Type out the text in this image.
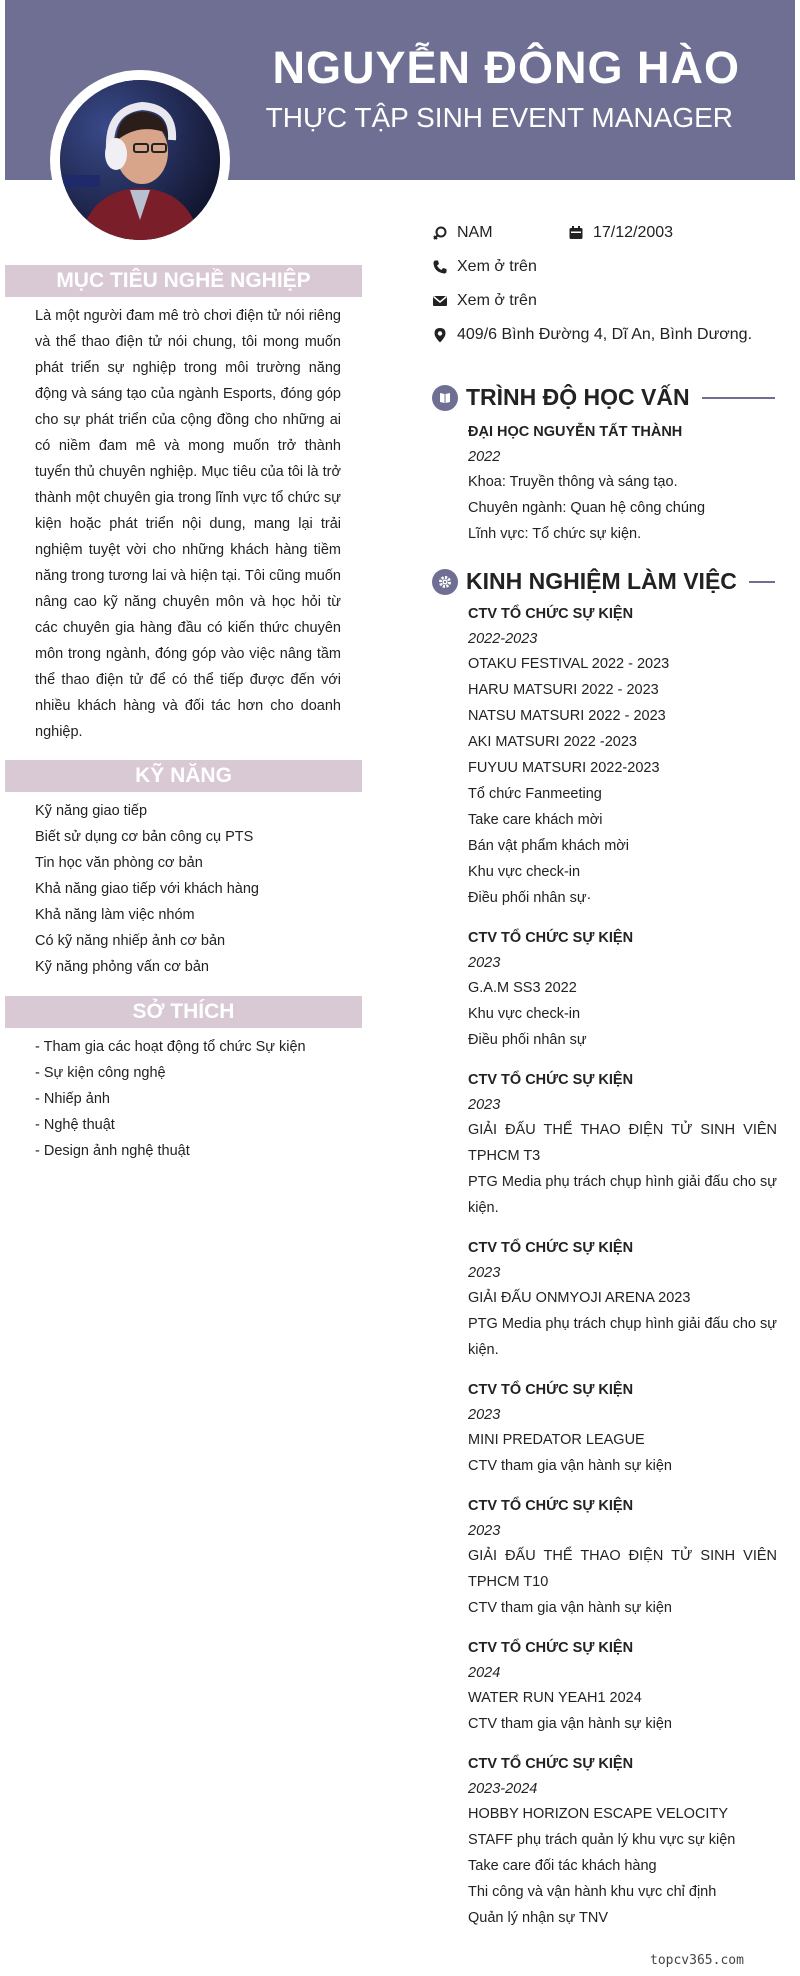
NGUYỄN ĐÔNG HÀO
THỰC TẬP SINH EVENT MANAGER
NAM	17/12/2003
Xem ở trên
Xem ở trên
409/6 Bình Đường 4, Dĩ An, Bình Dương.
MỤC TIÊU NGHỀ NGHIỆP
Là một người đam mê trò chơi điện tử nói riêng và thể thao điện tử nói chung, tôi mong muốn phát triển sự nghiệp trong môi trường năng động và sáng tạo của ngành Esports, đóng góp cho sự phát triển của cộng đồng cho những ai có niềm đam mê và mong muốn trở thành tuyển thủ chuyên nghiệp. Mục tiêu của tôi là trở thành một chuyên gia trong lĩnh vực tổ chức sự kiện hoặc phát triển nội dung, mang lại trải nghiệm tuyệt vời cho những khách hàng tiềm năng trong tương lai và hiện tại. Tôi cũng muốn nâng cao kỹ năng chuyên môn và học hỏi từ các chuyên gia hàng đầu có kiến thức chuyên môn trong ngành, đóng góp vào việc nâng tầm thể thao điện tử để có thể tiếp được đến với nhiều khách hàng và đối tác hơn cho doanh nghiệp.
KỸ NĂNG
Kỹ năng giao tiếp
Biết sử dụng cơ bản công cụ PTS
Tin học văn phòng cơ bản
Khả năng giao tiếp với khách hàng
Khả năng làm việc nhóm
Có kỹ năng nhiếp ảnh cơ bản
Kỹ năng phỏng vấn cơ bản
SỞ THÍCH
- Tham gia các hoạt động tổ chức Sự kiện
- Sự kiện công nghệ
- Nhiếp ảnh
- Nghệ thuật
- Design ảnh nghệ thuật
TRÌNH ĐỘ HỌC VẤN
ĐẠI HỌC NGUYỄN TẤT THÀNH
2022
Khoa: Truyền thông và sáng tạo.
Chuyên ngành: Quan hệ công chúng
Lĩnh vực: Tổ chức sự kiện.
KINH NGHIỆM LÀM VIỆC
CTV TỔ CHỨC SỰ KIỆN
2022-2023
OTAKU FESTIVAL 2022 - 2023
HARU MATSURI 2022 - 2023
NATSU MATSURI 2022 - 2023
AKI MATSURI 2022 -2023
FUYUU MATSURI 2022-2023
Tổ chức Fanmeeting
Take care khách mời
Bán vật phẩm khách mời
Khu vực check-in
Điều phối nhân sự·
CTV TỔ CHỨC SỰ KIỆN
2023
G.A.M SS3 2022
Khu vực check-in
Điều phối nhân sự
CTV TỔ CHỨC SỰ KIỆN
2023
GIẢI ĐẤU THỂ THAO ĐIỆN TỬ SINH VIÊN TPHCM T3
PTG Media phụ trách chụp hình giải đấu cho sự kiện.
CTV TỔ CHỨC SỰ KIỆN
2023
GIẢI ĐẤU ONMYOJI ARENA 2023
PTG Media phụ trách chụp hình giải đấu cho sự kiện.
CTV TỔ CHỨC SỰ KIỆN
2023
MINI PREDATOR LEAGUE
CTV tham gia vận hành sự kiện
CTV TỔ CHỨC SỰ KIỆN
2023
GIẢI ĐẤU THỂ THAO ĐIỆN TỬ SINH VIÊN TPHCM T10
CTV tham gia vận hành sự kiện
CTV TỔ CHỨC SỰ KIỆN
2024
WATER RUN YEAH1 2024
CTV tham gia vận hành sự kiện
CTV TỔ CHỨC SỰ KIỆN
2023-2024
HOBBY HORIZON ESCAPE VELOCITY
STAFF phụ trách quản lý khu vực sự kiện
Take care đối tác khách hàng
Thi công và vận hành khu vực chỉ định
Quản lý nhận sự TNV
topcv365.com
